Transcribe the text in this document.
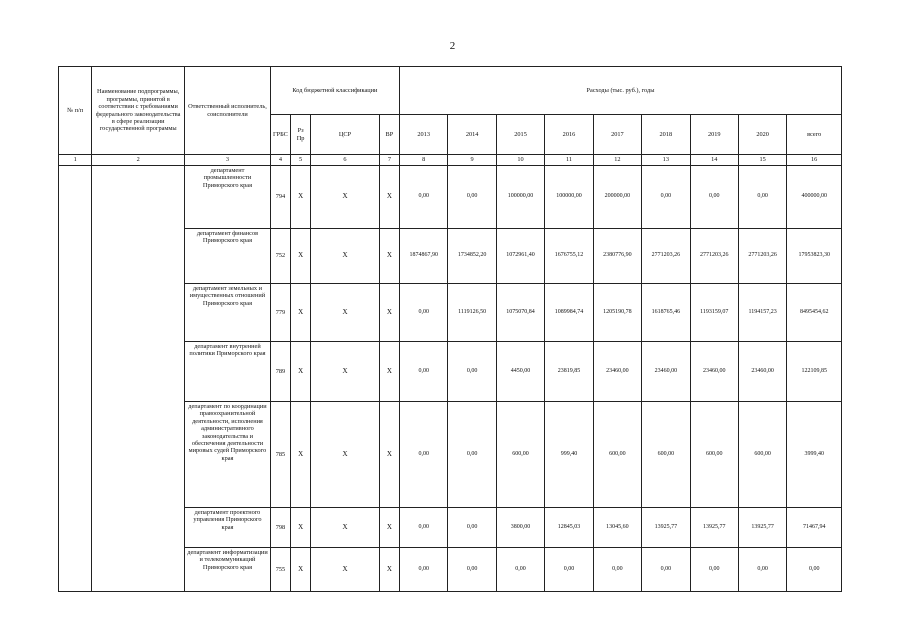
2
№ п/п	Наименование подпрограммы, программы, принятой в соответствии с требованиями федерального законодательства в сфере реализации государственной программы	Ответственный исполнитель, соисполнители	Код бюджетной классификации				Расходы (тыс. руб.), годы								
			ГРБС	Рз Пр	ЦСР	ВР	2013	2014	2015	2016	2017	2018	2019	2020	всего
1	2	3	4	5	6	7	8	9	10	11	12	13	14	15	16
		департамент промышленности Приморского края	794	Х	Х	Х	0,00	0,00	100000,00	100000,00	200000,00	0,00	0,00	0,00	400000,00
		департамент финансов Приморского края	752	Х	Х	Х	1874867,90	1734852,20	1072961,40	1676755,12	2380776,90	2771203,26	2771203,26	2771203,26	17953823,30
		департамент земельных и имущественных отношений Приморского края	779	Х	Х	Х	0,00	1119126,50	1075070,84	1089984,74	1205190,78	1618765,46	1193159,07	1194157,23	8495454,62
		департамент внутренней политики Приморского края	789	Х	Х	Х	0,00	0,00	4450,00	23819,85	23460,00	23460,00	23460,00	23460,00	122109,85
		департамент по координации правоохранительной деятельности, исполнения административного законодательства и обеспечения деятельности мировых судей Приморского края	785	Х	Х	Х	0,00	0,00	600,00	999,40	600,00	600,00	600,00	600,00	3999,40
		департамент проектного управления Приморского края	798	Х	Х	Х	0,00	0,00	3800,00	12845,03	13045,60	13925,77	13925,77	13925,77	71467,94
		департамент информатизации и телекоммуникаций Приморского края	755	Х	Х	Х	0,00	0,00	0,00	0,00	0,00	0,00	0,00	0,00	0,00
